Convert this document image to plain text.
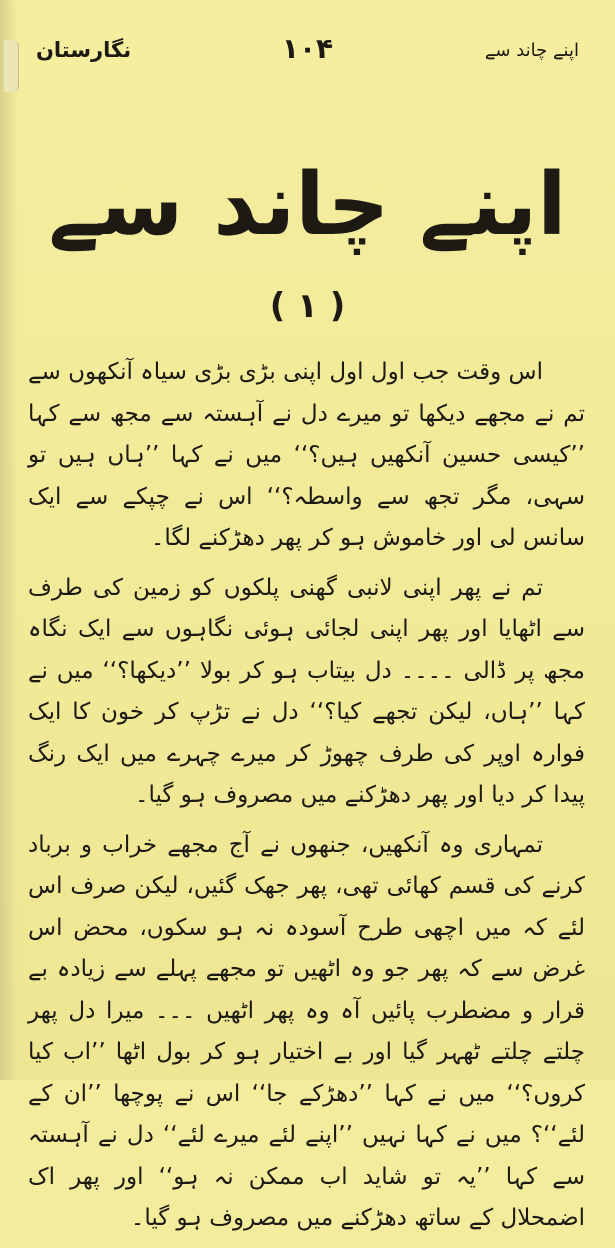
نگارستان	۱۰۴	اپنے چاند سے
اپنے چاند سے
( ۱ )

اس وقت جب اول اول اپنی بڑی بڑی سیاہ آنکھوں سے تم نے مجھے دیکھا تو میرے دل نے آہستہ سے مجھ سے کہا ’’کیسی حسین آنکھیں ہیں؟‘‘ میں نے کہا ’’ہاں ہیں تو سہی، مگر تجھ سے واسطہ؟‘‘ اس نے چپکے سے ایک سانس لی اور خاموش ہو کر پھر دھڑکنے لگا۔

تم نے پھر اپنی لانبی گھنی پلکوں کو زمین کی طرف سے اٹھایا اور پھر اپنی لجائی ہوئی نگاہوں سے ایک نگاہ مجھ پر ڈالی ۔۔۔۔ دل بیتاب ہو کر بولا ’’دیکھا؟‘‘ میں نے کہا ’’ہاں، لیکن تجھے کیا؟‘‘ دل نے تڑپ کر خون کا ایک فوارہ اوپر کی طرف چھوڑ کر میرے چہرے میں ایک رنگ پیدا کر دیا اور پھر دھڑکنے میں مصروف ہو گیا۔

تمہاری وہ آنکھیں، جنھوں نے آج مجھے خراب و برباد کرنے کی قسم کھائی تھی، پھر جھک گئیں، لیکن صرف اس لئے کہ میں اچھی طرح آسودہ نہ ہو سکوں، محض اس غرض سے کہ پھر جو وہ اٹھیں تو مجھے پہلے سے زیادہ بے قرار و مضطرب پائیں آہ وہ پھر اٹھیں ۔۔۔ میرا دل پھر چلتے چلتے ٹھہر گیا اور بے اختیار ہو کر بول اٹھا ’’اب کیا کروں؟‘‘ میں نے کہا ’’دھڑکے جا‘‘ اس نے پوچھا ’’ان کے لئے‘‘؟ میں نے کہا نہیں ’’اپنے لئے میرے لئے‘‘ دل نے آہستہ سے کہا ’’یہ تو شاید اب ممکن نہ ہو‘‘ اور پھر اک اضمحلال کے ساتھ دھڑکنے میں مصروف ہو گیا۔
